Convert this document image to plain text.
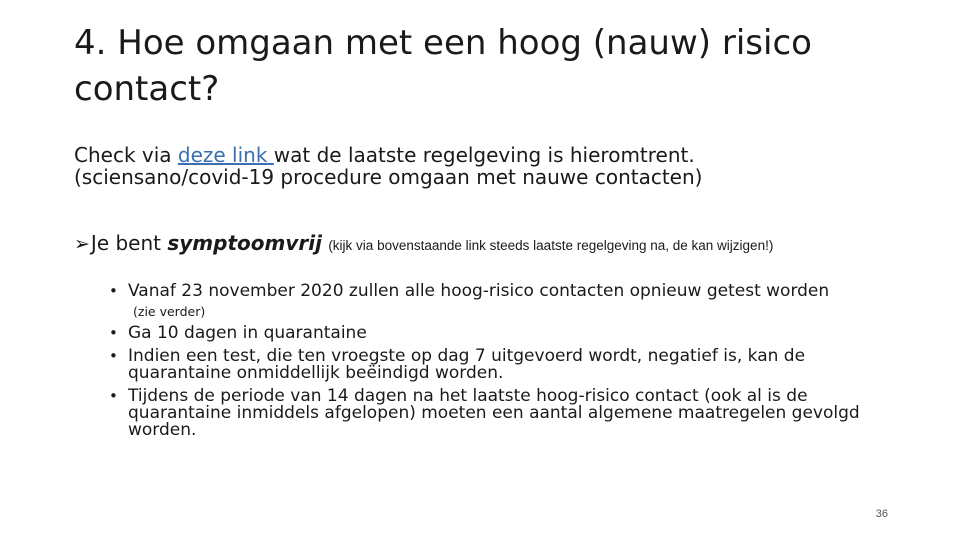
4. Hoe omgaan met een hoog (nauw) risico contact?
Check via deze link wat de laatste regelgeving is hieromtrent.
(sciensano/covid-19 procedure omgaan met nauwe contacten)
➢Je bent symptoomvrij (kijk via bovenstaande link steeds laatste regelgeving na, de kan wijzigen!)
• Vanaf 23 november 2020 zullen alle hoog-risico contacten opnieuw getest worden
(zie verder)
• Ga 10 dagen in quarantaine
• Indien een test, die ten vroegste op dag 7 uitgevoerd wordt, negatief is, kan de quarantaine onmiddellijk beëindigd worden.
• Tijdens de periode van 14 dagen na het laatste hoog-risico contact (ook al is de quarantaine inmiddels afgelopen) moeten een aantal algemene maatregelen gevolgd worden.
36
